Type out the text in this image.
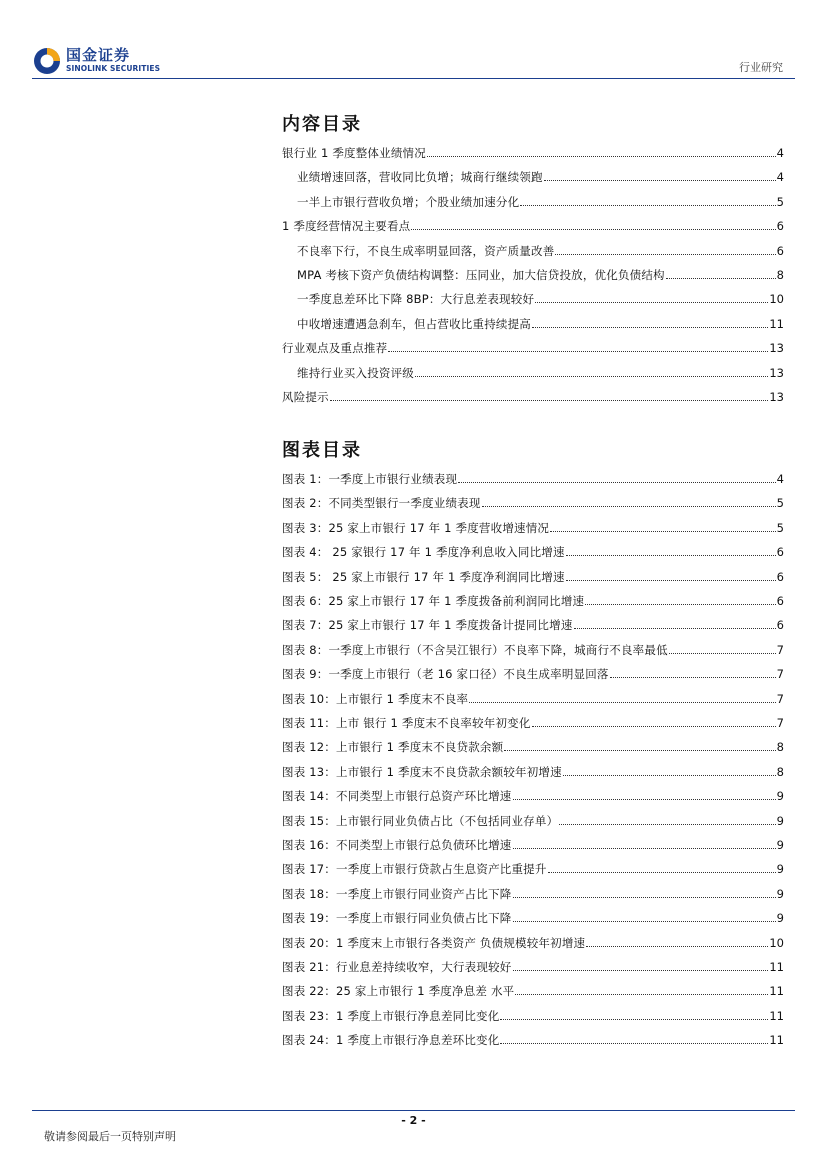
国金证券
SINOLINK SECURITIES	行业研究
内容目录
银行业 1 季度整体业绩情况	4
业绩增速回落，营收同比负增；城商行继续领跑	4
一半上市银行营收负增；个股业绩加速分化	5
1 季度经营情况主要看点	6
不良率下行，不良生成率明显回落，资产质量改善	6
MPA 考核下资产负债结构调整：压同业，加大信贷投放，优化负债结构	8
一季度息差环比下降 8BP：大行息差表现较好	10
中收增速遭遇急刹车，但占营收比重持续提高	11
行业观点及重点推荐	13
维持行业买入投资评级	13
风险提示	13
图表目录
图表 1：一季度上市银行业绩表现	4
图表 2：不同类型银行一季度业绩表现	5
图表 3：25 家上市银行 17 年 1 季度营收增速情况	5
图表 4： 25 家银行 17 年 1 季度净利息收入同比增速	6
图表 5： 25 家上市银行 17 年 1 季度净利润同比增速	6
图表 6：25 家上市银行 17 年 1 季度拨备前利润同比增速	6
图表 7：25 家上市银行 17 年 1 季度拨备计提同比增速	6
图表 8：一季度上市银行（不含吴江银行）不良率下降，城商行不良率最低	7
图表 9：一季度上市银行（老 16 家口径）不良生成率明显回落	7
图表 10：上市银行 1 季度末不良率	7
图表 11：上市 银行 1 季度末不良率较年初变化	7
图表 12：上市银行 1 季度末不良贷款余额	8
图表 13：上市银行 1 季度末不良贷款余额较年初增速	8
图表 14：不同类型上市银行总资产环比增速	9
图表 15：上市银行同业负债占比（不包括同业存单）	9
图表 16：不同类型上市银行总负债环比增速	9
图表 17：一季度上市银行贷款占生息资产比重提升	9
图表 18：一季度上市银行同业资产占比下降	9
图表 19：一季度上市银行同业负债占比下降	9
图表 20：1 季度末上市银行各类资产 负债规模较年初增速	10
图表 21：行业息差持续收窄，大行表现较好	11
图表 22：25 家上市银行 1 季度净息差 水平	11
图表 23：1 季度上市银行净息差同比变化	11
图表 24：1 季度上市银行净息差环比变化	11
- 2 -
敬请参阅最后一页特别声明
